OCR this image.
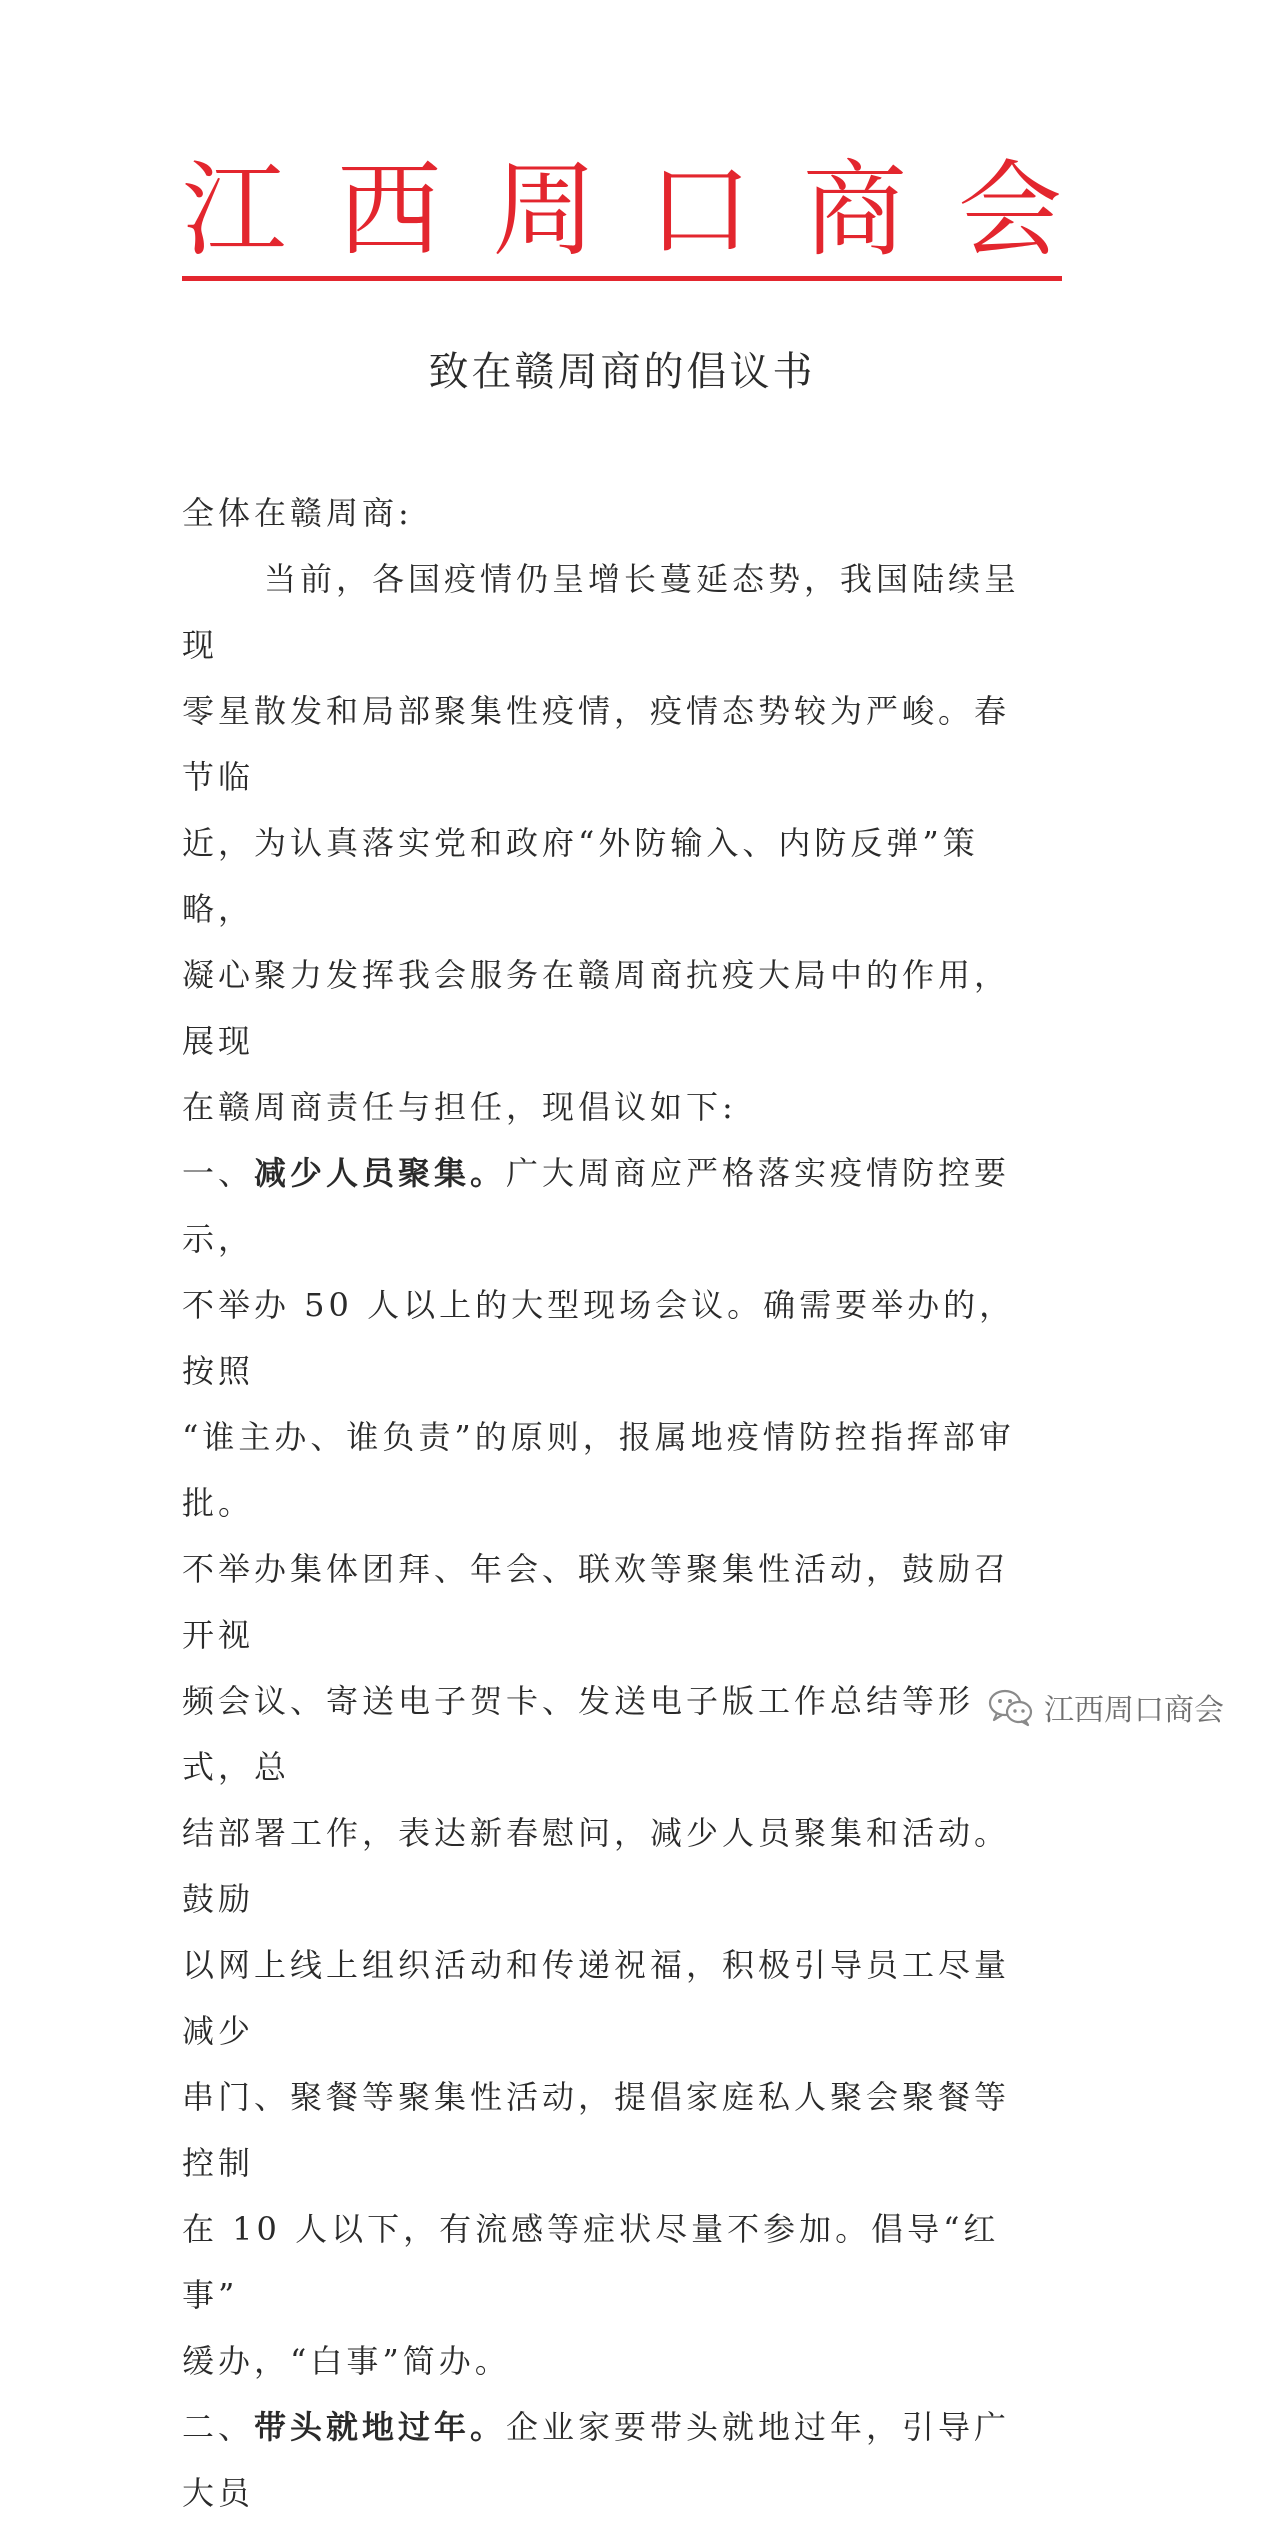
江 西 周 口 商 会
致在赣周商的倡议书

全体在赣周商:

当前，各国疫情仍呈增长蔓延态势，我国陆续呈现

零星散发和局部聚集性疫情，疫情态势较为严峻。春节临

近，为认真落实党和政府“外防输入、内防反弹”策略，

凝心聚力发挥我会服务在赣周商抗疫大局中的作用，展现

在赣周商责任与担任，现倡议如下:

一、减少人员聚集。广大周商应严格落实疫情防控要示，

不举办 50 人以上的大型现场会议。确需要举办的，按照

“谁主办、谁负责”的原则，报属地疫情防控指挥部审批。

不举办集体团拜、年会、联欢等聚集性活动，鼓励召开视

频会议、寄送电子贺卡、发送电子版工作总结等形式，总

结部署工作，表达新春慰问，减少人员聚集和活动。鼓励

以网上线上组织活动和传递祝福，积极引导员工尽量减少

串门、聚餐等聚集性活动，提倡家庭私人聚会聚餐等控制

在 10 人以下，有流感等症状尽量不参加。倡导“红事”

缓办，“白事”简办。

二、带头就地过年。企业家要带头就地过年，引导广大员

江西周口商会
